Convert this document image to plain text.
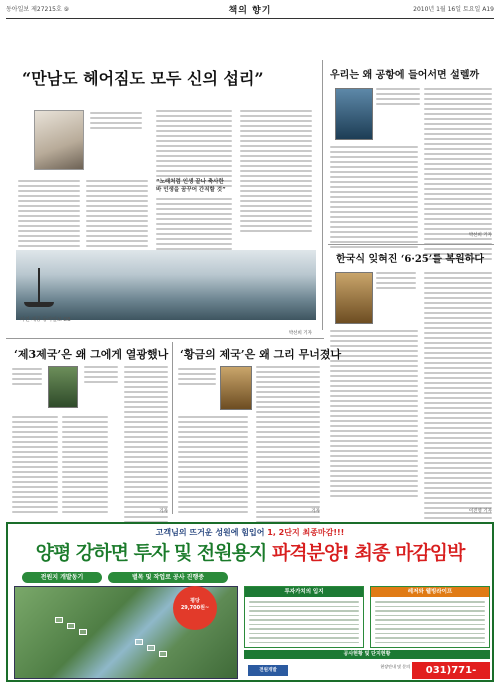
동아일보 제27215호 ⑨	책의 향기	2010년 1월 16일 토요일 A19
“만남도 헤어짐도 모두 신의 섭리”
“노래처럼 인생 끝나 축사한
바 인생을 꿈꾸어 간직할 것”
사진 제공 동아일보 DB
박선희 기자
우리는 왜 공항에 들어서면 설렐까
박선희 기자
한국식 잊혀진 ‘6·25’를 복원하다
이진영 기자
‘제3제국’은 왜 그에게 열광했나
기자
‘황금의 제국’은 왜 그리 무너졌나
기자
고객님의 뜨거운 성원에 힘입어 1, 2단지 최종마감!!!
양평 강하면 투자 및 전원용지 파격분양! 최종 마감임박
전원지 개발동기	별목 및 작업로 공사 진행중
평당
29,700원~
투자가치의 입지	레저와 웰빙라이프
공사현황 및 단지현황
전원개발
현장안내 및 문의	031)771-2669
